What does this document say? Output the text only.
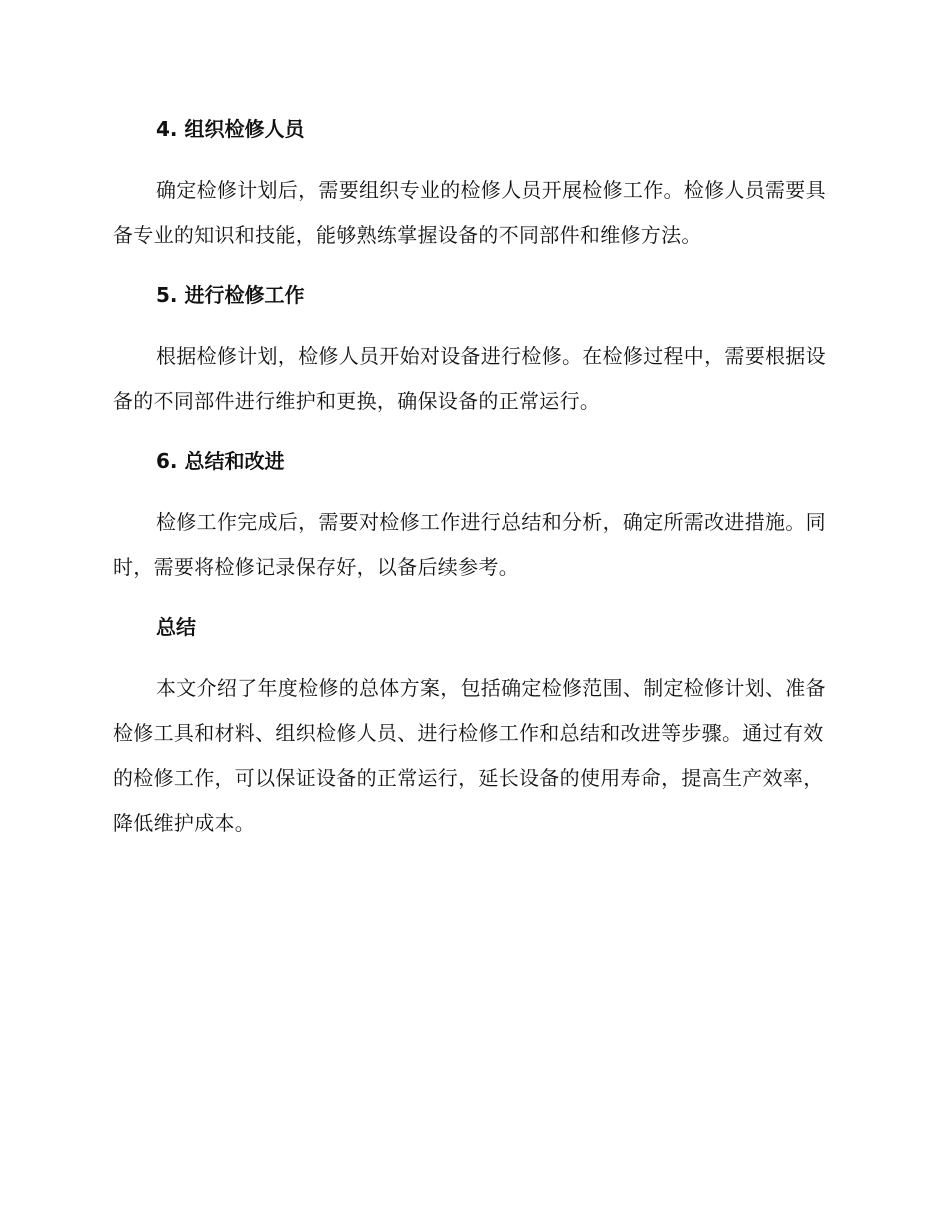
4. 组织检修人员

确定检修计划后，需要组织专业的检修人员开展检修工作。检修人员需要具备专业的知识和技能，能够熟练掌握设备的不同部件和维修方法。

5. 进行检修工作

根据检修计划，检修人员开始对设备进行检修。在检修过程中，需要根据设备的不同部件进行维护和更换，确保设备的正常运行。

6. 总结和改进

检修工作完成后，需要对检修工作进行总结和分析，确定所需改进措施。同时，需要将检修记录保存好，以备后续参考。

总结

本文介绍了年度检修的总体方案，包括确定检修范围、制定检修计划、准备检修工具和材料、组织检修人员、进行检修工作和总结和改进等步骤。通过有效的检修工作，可以保证设备的正常运行，延长设备的使用寿命，提高生产效率，降低维护成本。
